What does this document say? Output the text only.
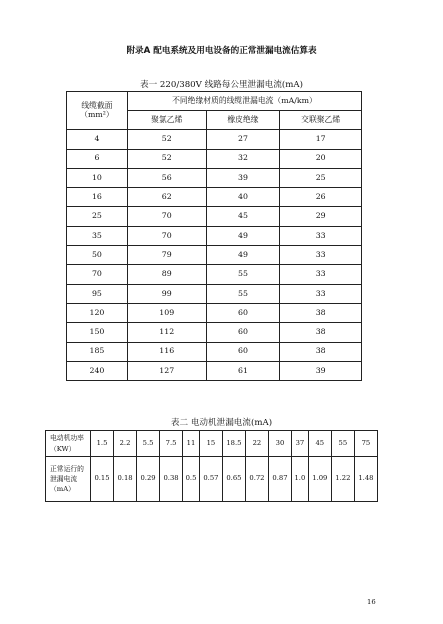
附录A 配电系统及用电设备的正常泄漏电流估算表
表一 220/380V 线路每公里泄漏电流(mA)
线缆截面（mm²）	不同绝缘材质的线缆泄漏电流（mA/km）		
	聚氯乙烯	橡皮绝缘	交联聚乙烯
4	52	27	17
6	52	32	20
10	56	39	25
16	62	40	26
25	70	45	29
35	70	49	33
50	79	49	33
70	89	55	33
95	99	55	33
120	109	60	38
150	112	60	38
185	116	60	38
240	127	61	39
表二 电动机泄漏电流(mA)
电动机功率（KW）	1.5	2.2	5.5	7.5	11	15	18.5	22	30	37	45	55	75
正常运行的泄漏电流（mA）	0.15	0.18	0.29	0.38	0.5	0.57	0.65	0.72	0.87	1.0	1.09	1.22	1.48
16
